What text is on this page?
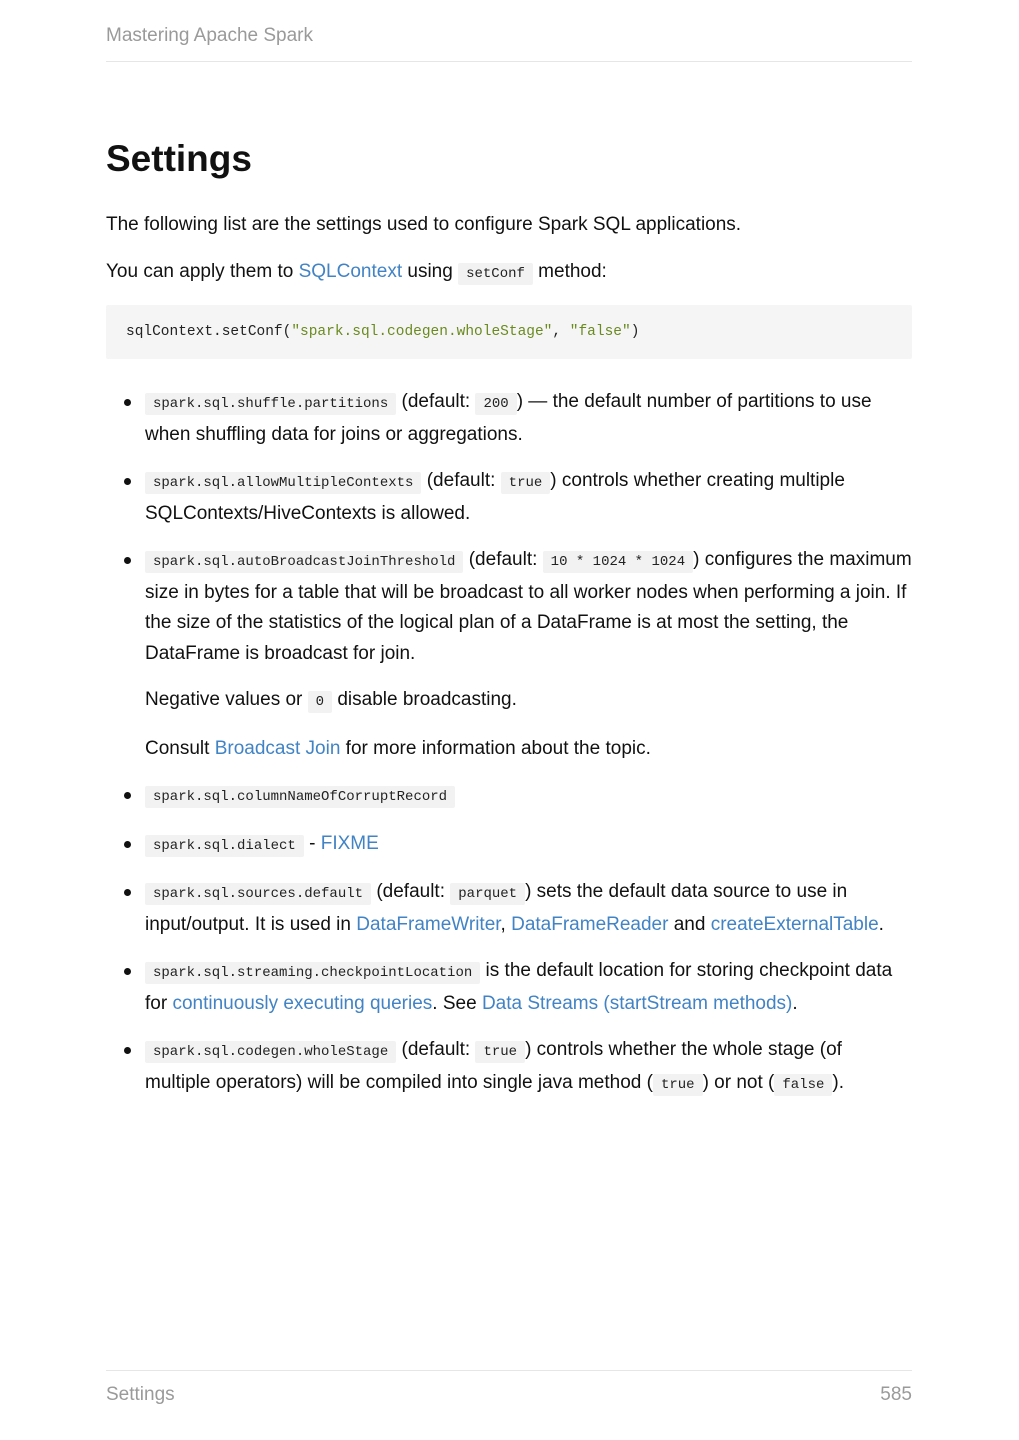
Mastering Apache Spark
Settings

The following list are the settings used to configure Spark SQL applications.

You can apply them to SQLContext using setConf method:

sqlContext.setConf("spark.sql.codegen.wholeStage", "false")
spark.sql.shuffle.partitions (default: 200 ) — the default number of partitions to use when shuffling data for joins or aggregations.
spark.sql.allowMultipleContexts (default: true ) controls whether creating multiple SQLContexts/HiveContexts is allowed.
spark.sql.autoBroadcastJoinThreshold (default: 10 * 1024 * 1024 ) configures the maximum size in bytes for a table that will be broadcast to all worker nodes when performing a join. If the size of the statistics of the logical plan of a DataFrame is at most the setting, the DataFrame is broadcast for join.

Negative values or 0 disable broadcasting.

Consult Broadcast Join for more information about the topic.

spark.sql.columnNameOfCorruptRecord
spark.sql.dialect - FIXME
spark.sql.sources.default (default: parquet ) sets the default data source to use in input/output. It is used in DataFrameWriter, DataFrameReader and createExternalTable.
spark.sql.streaming.checkpointLocation is the default location for storing checkpoint data for continuously executing queries. See Data Streams (startStream methods).
spark.sql.codegen.wholeStage (default: true ) controls whether the whole stage (of multiple operators) will be compiled into single java method ( true ) or not ( false ).
Settings	585
